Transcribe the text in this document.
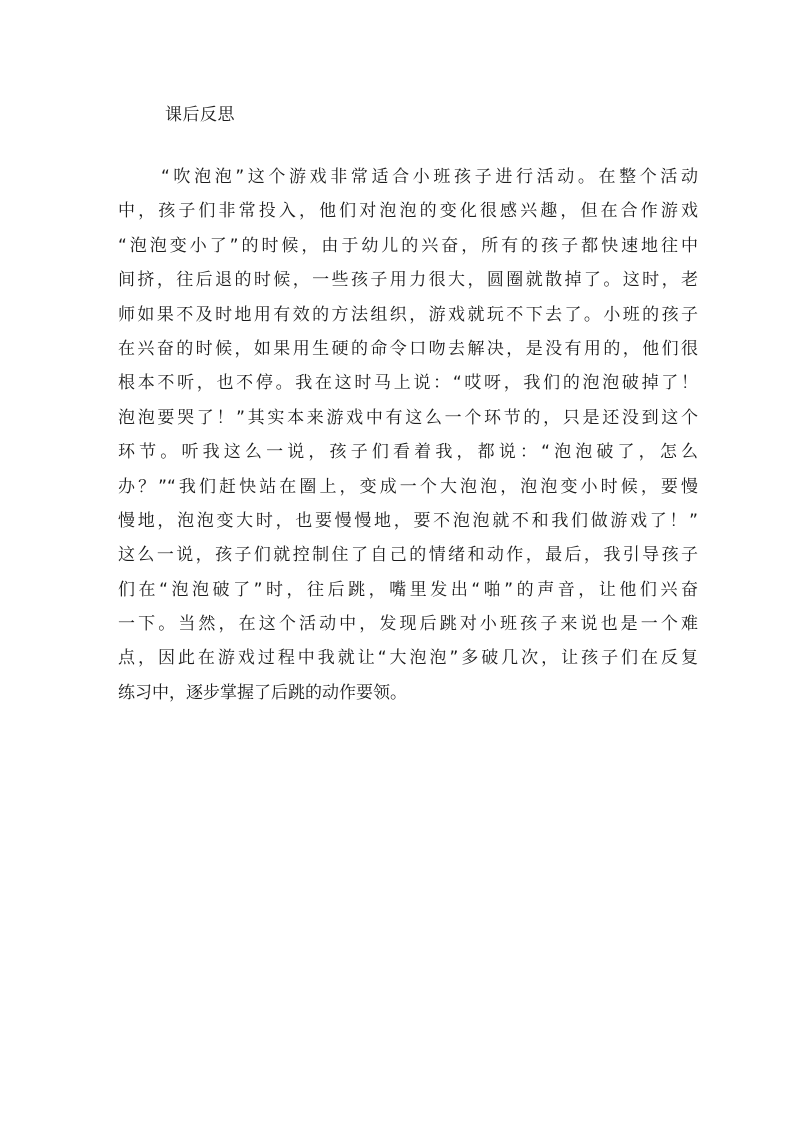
课后反思
“吹泡泡”这个游戏非常适合小班孩子进行活动。在整个活动
中，孩子们非常投入，他们对泡泡的变化很感兴趣，但在合作游戏
“泡泡变小了”的时候，由于幼儿的兴奋，所有的孩子都快速地往中
间挤，往后退的时候，一些孩子用力很大，圆圈就散掉了。这时，老
师如果不及时地用有效的方法组织，游戏就玩不下去了。小班的孩子
在兴奋的时候，如果用生硬的命令口吻去解决，是没有用的，他们很
根本不听，也不停。我在这时马上说：“哎呀，我们的泡泡破掉了！
泡泡要哭了！”其实本来游戏中有这么一个环节的，只是还没到这个
环节。听我这么一说，孩子们看着我，都说：“泡泡破了，怎么
办？”“我们赶快站在圈上，变成一个大泡泡，泡泡变小时候，要慢
慢地，泡泡变大时，也要慢慢地，要不泡泡就不和我们做游戏了！”
这么一说，孩子们就控制住了自己的情绪和动作，最后，我引导孩子
们在“泡泡破了”时，往后跳，嘴里发出“啪”的声音，让他们兴奋
一下。当然，在这个活动中，发现后跳对小班孩子来说也是一个难
点，因此在游戏过程中我就让“大泡泡”多破几次，让孩子们在反复
练习中，逐步掌握了后跳的动作要领。
